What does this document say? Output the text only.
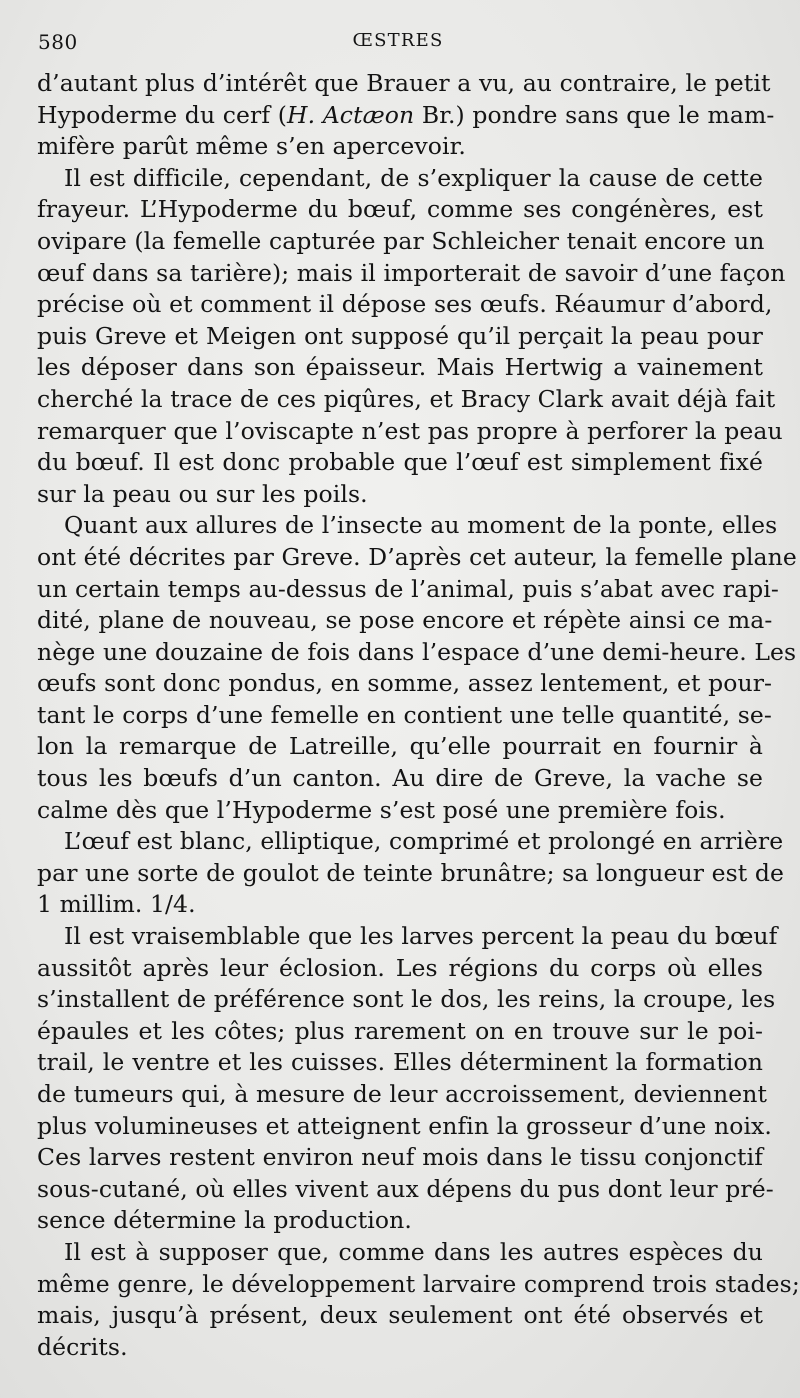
580	ŒSTRES
d’autant plus d’intérêt que Brauer a vu, au contraire, le petit
Hypoderme du cerf (H. Actæon Br.) pondre sans que le mam-
mifère parût même s’en apercevoir.
Il est difficile, cependant, de s’expliquer la cause de cette
frayeur. L’Hypoderme du bœuf, comme ses congénères, est
ovipare (la femelle capturée par Schleicher tenait encore un
œuf dans sa tarière); mais il importerait de savoir d’une façon
précise où et comment il dépose ses œufs. Réaumur d’abord,
puis Greve et Meigen ont supposé qu’il perçait la peau pour
les déposer dans son épaisseur. Mais Hertwig a vainement
cherché la trace de ces piqûres, et Bracy Clark avait déjà fait
remarquer que l’oviscapte n’est pas propre à perforer la peau
du bœuf. Il est donc probable que l’œuf est simplement fixé
sur la peau ou sur les poils.
Quant aux allures de l’insecte au moment de la ponte, elles
ont été décrites par Greve. D’après cet auteur, la femelle plane
un certain temps au-dessus de l’animal, puis s’abat avec rapi-
dité, plane de nouveau, se pose encore et répète ainsi ce ma-
nège une douzaine de fois dans l’espace d’une demi-heure. Les
œufs sont donc pondus, en somme, assez lentement, et pour-
tant le corps d’une femelle en contient une telle quantité, se-
lon la remarque de Latreille, qu’elle pourrait en fournir à
tous les bœufs d’un canton. Au dire de Greve, la vache se
calme dès que l’Hypoderme s’est posé une première fois.
L’œuf est blanc, elliptique, comprimé et prolongé en arrière
par une sorte de goulot de teinte brunâtre; sa longueur est de
1 millim. 1/4.
Il est vraisemblable que les larves percent la peau du bœuf
aussitôt après leur éclosion. Les régions du corps où elles
s’installent de préférence sont le dos, les reins, la croupe, les
épaules et les côtes; plus rarement on en trouve sur le poi-
trail, le ventre et les cuisses. Elles déterminent la formation
de tumeurs qui, à mesure de leur accroissement, deviennent
plus volumineuses et atteignent enfin la grosseur d’une noix.
Ces larves restent environ neuf mois dans le tissu conjonctif
sous-cutané, où elles vivent aux dépens du pus dont leur pré-
sence détermine la production.
Il est à supposer que, comme dans les autres espèces du
même genre, le développement larvaire comprend trois stades;
mais, jusqu’à présent, deux seulement ont été observés et
décrits.
